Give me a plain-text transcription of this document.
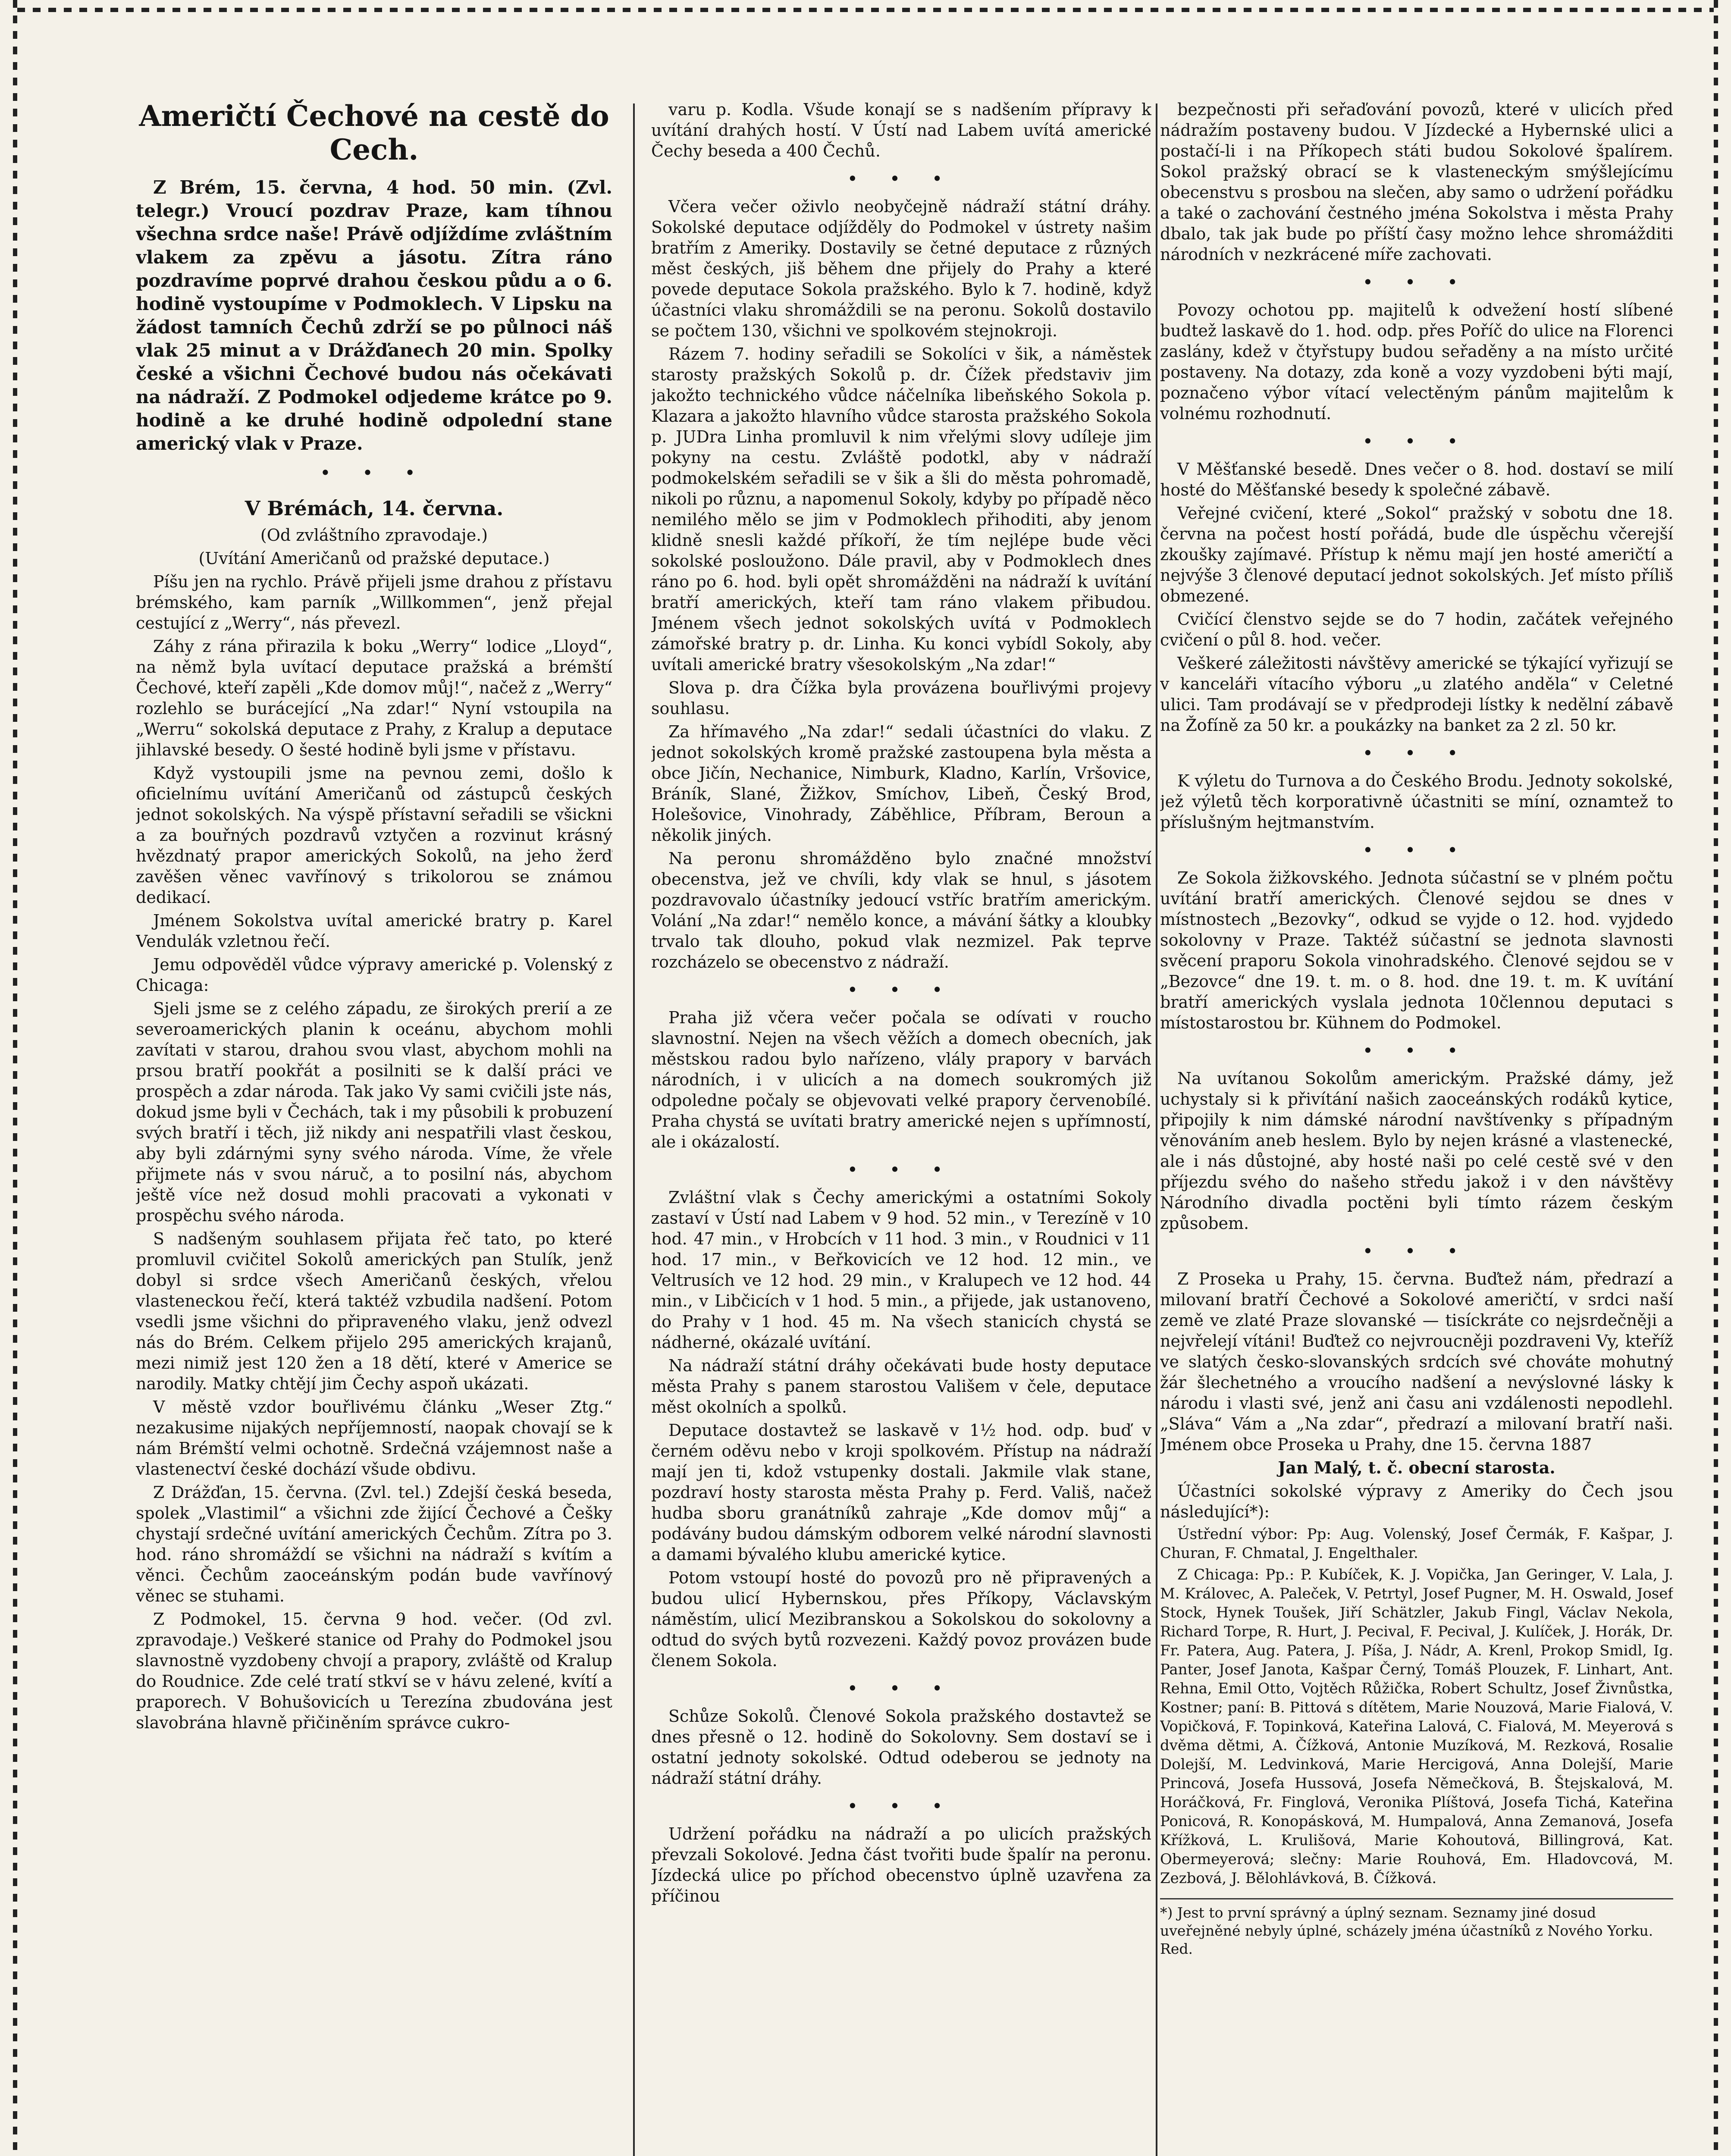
Američtí Čechové na cestě do Cech.

Z Brém, 15. června, 4 hod. 50 min. (Zvl. telegr.) Vroucí pozdrav Praze, kam tíhnou všechna srdce naše! Právě odjíždíme zvláštním vlakem za zpěvu a jásotu. Zítra ráno pozdravíme poprvé drahou českou půdu a o 6. hodině vystoupíme v Podmoklech. V Lipsku na žádost tamních Čechů zdrží se po půlnoci náš vlak 25 minut a v Drážďanech 20 min. Spolky české a všichni Čechové budou nás očekávati na nádraží. Z Podmokel odjedeme krátce po 9. hodině a ke druhé hodině odpolední stane americký vlak v Praze.

• • •
V Brémách, 14. června.

(Od zvláštního zpravodaje.)

(Uvítání Američanů od pražské deputace.)

Píšu jen na rychlo. Právě přijeli jsme drahou z přístavu brémského, kam parník „Willkommen“, jenž přejal cestující z „Werry“, nás převezl.

Záhy z rána přirazila k boku „Werry“ lodice „Lloyd“, na němž byla uvítací deputace pražská a brémští Čechové, kteří zapěli „Kde domov můj!“, načež z „Werry“ rozlehlo se burácející „Na zdar!“ Nyní vstoupila na „Werru“ sokolská deputace z Prahy, z Kralup a deputace jihlavské besedy. O šesté hodině byli jsme v přístavu.

Když vystoupili jsme na pevnou zemi, došlo k oficielnímu uvítání Američanů od zástupců českých jednot sokolských. Na výspě přístavní seřadili se všickni a za bouřných pozdravů vztyčen a rozvinut krásný hvězdnatý prapor amerických Sokolů, na jeho žerď zavěšen věnec vavřínový s trikolorou se známou dedikací.

Jménem Sokolstva uvítal americké bratry p. Karel Vendulák vzletnou řečí.

Jemu odpověděl vůdce výpravy americké p. Volenský z Chicaga:

Sjeli jsme se z celého západu, ze širokých prerií a ze severoamerických planin k oceánu, abychom mohli zavítati v starou, drahou svou vlast, abychom mohli na prsou bratří pookřát a posilniti se k další práci ve prospěch a zdar národa. Tak jako Vy sami cvičili jste nás, dokud jsme byli v Čechách, tak i my působili k probuzení svých bratří i těch, již nikdy ani nespatřili vlast českou, aby byli zdárnými syny svého národa. Víme, že vřele přijmete nás v svou náruč, a to posilní nás, abychom ještě více než dosud mohli pracovati a vykonati v prospěchu svého národa.

S nadšeným souhlasem přijata řeč tato, po které promluvil cvičitel Sokolů amerických pan Stulík, jenž dobyl si srdce všech Američanů českých, vřelou vlasteneckou řečí, která taktéž vzbudila nadšení. Potom vsedli jsme všichni do připraveného vlaku, jenž odvezl nás do Brém. Celkem přijelo 295 amerických krajanů, mezi nimiž jest 120 žen a 18 dětí, které v Americe se narodily. Matky chtějí jim Čechy aspoň ukázati.

V městě vzdor bouřlivému článku „Weser Ztg.“ nezakusime nijakých nepříjemností, naopak chovají se k nám Brémští velmi ochotně. Srdečná vzájemnost naše a vlastenectví české dochází všude obdivu.

Z Drážďan, 15. června. (Zvl. tel.) Zdejší česká beseda, spolek „Vlastimil“ a všichni zde žijící Čechové a Češky chystají srdečné uvítání amerických Čechům. Zítra po 3. hod. ráno shromáždí se všichni na nádraží s kvítím a věnci. Čechům zaoceánským podán bude vavřínový věnec se stuhami.

Z Podmokel, 15. června 9 hod. večer. (Od zvl. zpravodaje.) Veškeré stanice od Prahy do Podmokel jsou slavnostně vyzdobeny chvojí a prapory, zvláště od Kralup do Roudnice. Zde celé tratí stkví se v hávu zelené, kvítí a praporech. V Bohušovicích u Terezína zbudována jest slavobrána hlavně přičiněním správce cukro-

varu p. Kodla. Všude konají se s nadšením přípravy k uvítání drahých hostí. V Ústí nad Labem uvítá americké Čechy beseda a 400 Čechů.

• • •

Včera večer oživlo neobyčejně nádraží státní dráhy. Sokolské deputace odjížděly do Podmokel v ústrety našim bratřím z Ameriky. Dostavily se četné deputace z různých měst českých, jiš během dne přijely do Prahy a které povede deputace Sokola pražského. Bylo k 7. hodině, když účastníci vlaku shromáždili se na peronu. Sokolů dostavilo se počtem 130, všichni ve spolkovém stejnokroji.

Rázem 7. hodiny seřadili se Sokolíci v šik, a náměstek starosty pražských Sokolů p. dr. Čížek představiv jim jakožto technického vůdce náčelníka libeňského Sokola p. Klazara a jakožto hlavního vůdce starosta pražského Sokola p. JUDra Linha promluvil k nim vřelými slovy udíleje jim pokyny na cestu. Zvláště podotkl, aby v nádraží podmokelském seřadili se v šik a šli do města pohromadě, nikoli po různu, a napomenul Sokoly, kdyby po případě něco nemilého mělo se jim v Podmoklech přihoditi, aby jenom klidně snesli každé příkoří, že tím nejlépe bude věci sokolské posloužono. Dále pravil, aby v Podmoklech dnes ráno po 6. hod. byli opět shromážděni na nádraží k uvítání bratří amerických, kteří tam ráno vlakem přibudou. Jménem všech jednot sokolských uvítá v Podmoklech zámořské bratry p. dr. Linha. Ku konci vybídl Sokoly, aby uvítali americké bratry všesokolským „Na zdar!“

Slova p. dra Čížka byla provázena bouřlivými projevy souhlasu.

Za hřímavého „Na zdar!“ sedali účastníci do vlaku. Z jednot sokolských kromě pražské zastoupena byla města a obce Jičín, Nechanice, Nimburk, Kladno, Karlín, Vršovice, Bráník, Slané, Žižkov, Smíchov, Libeň, Český Brod, Holešovice, Vinohrady, Záběhlice, Příbram, Beroun a několik jiných.

Na peronu shromážděno bylo značné množství obecenstva, jež ve chvíli, kdy vlak se hnul, s jásotem pozdravovalo účastníky jedoucí vstříc bratřím americkým. Volání „Na zdar!“ nemělo konce, a mávání šátky a kloubky trvalo tak dlouho, pokud vlak nezmizel. Pak teprve rozcházelo se obecenstvo z nádraží.

• • •

Praha již včera večer počala se odívati v roucho slavnostní. Nejen na všech věžích a domech obecních, jak městskou radou bylo nařízeno, vlály prapory v barvách národních, i v ulicích a na domech soukromých již odpoledne počaly se objevovati velké prapory červenobílé. Praha chystá se uvítati bratry americké nejen s upřímností, ale i okázalostí.

• • •

Zvláštní vlak s Čechy americkými a ostatními Sokoly zastaví v Ústí nad Labem v 9 hod. 52 min., v Terezíně v 10 hod. 47 min., v Hrobcích v 11 hod. 3 min., v Roudnici v 11 hod. 17 min., v Beřkovicích ve 12 hod. 12 min., ve Veltrusích ve 12 hod. 29 min., v Kralupech ve 12 hod. 44 min., v Libčicích v 1 hod. 5 min., a přijede, jak ustanoveno, do Prahy v 1 hod. 45 m. Na všech stanicích chystá se nádherné, okázalé uvítání.

Na nádraží státní dráhy očekávati bude hosty deputace města Prahy s panem starostou Vališem v čele, deputace měst okolních a spolků.

Deputace dostavtež se laskavě v 1½ hod. odp. buď v černém oděvu nebo v kroji spolkovém. Přístup na nádraží mají jen ti, kdož vstupenky dostali. Jakmile vlak stane, pozdraví hosty starosta města Prahy p. Ferd. Vališ, načež hudba sboru granátníků zahraje „Kde domov můj“ a podávány budou dámským odborem velké národní slavnosti a damami bývalého klubu americké kytice.

Potom vstoupí hosté do povozů pro ně připravených a budou ulicí Hybernskou, přes Příkopy, Václavským náměstím, ulicí Mezibranskou a Sokolskou do sokolovny a odtud do svých bytů rozvezeni. Každý povoz provázen bude členem Sokola.

• • •

Schůze Sokolů. Členové Sokola pražského dostavtež se dnes přesně o 12. hodině do Sokolovny. Sem dostaví se i ostatní jednoty sokolské. Odtud odeberou se jednoty na nádraží státní dráhy.

• • •

Udržení pořádku na nádraží a po ulicích pražských převzali Sokolové. Jedna část tvořiti bude špalír na peronu. Jízdecká ulice po příchod obecenstvo úplně uzavřena za příčinou

bezpečnosti při seřaďování povozů, které v ulicích před nádražím postaveny budou. V Jízdecké a Hybernské ulici a postačí-li i na Příkopech státi budou Sokolové špalírem. Sokol pražský obrací se k vlasteneckým smýšlejícímu obecenstvu s prosbou na slečen, aby samo o udržení pořádku a také o zachování čestného jména Sokolstva i města Prahy dbalo, tak jak bude po příští časy možno lehce shromážditi národních v nezkrácené míře zachovati.

• • •

Povozy ochotou pp. majitelů k odvežení hostí slíbené budtež laskavě do 1. hod. odp. přes Poříč do ulice na Florenci zaslány, kdež v čtyřstupy budou seřaděny a na místo určité postaveny. Na dotazy, zda koně a vozy vyzdobeni býti mají, poznačeno výbor vítací velectěným pánům majitelům k volnému rozhodnutí.

• • •

V Měšťanské besedě. Dnes večer o 8. hod. dostaví se milí hosté do Měšťanské besedy k společné zábavě.

Veřejné cvičení, které „Sokol“ pražský v sobotu dne 18. června na počest hostí pořádá, bude dle úspěchu včerejší zkoušky zajímavé. Přístup k němu mají jen hosté američtí a nejvýše 3 členové deputací jednot sokolských. Jeť místo příliš obmezené.

Cvičící členstvo sejde se do 7 hodin, začátek veřejného cvičení o půl 8. hod. večer.

Veškeré záležitosti návštěvy americké se týkající vyřizují se v kanceláři vítacího výboru „u zlatého anděla“ v Celetné ulici. Tam prodávají se v předprodeji lístky k nedělní zábavě na Žofíně za 50 kr. a poukázky na banket za 2 zl. 50 kr.

• • •

K výletu do Turnova a do Českého Brodu. Jednoty sokolské, jež výletů těch korporativně účastniti se míní, oznamtež to příslušným hejtmanstvím.

• • •

Ze Sokola žižkovského. Jednota súčastní se v plném počtu uvítání bratří amerických. Členové sejdou se dnes v místnostech „Bezovky“, odkud se vyjde o 12. hod. vyjdedo sokolovny v Praze. Taktéž súčastní se jednota slavnosti svěcení praporu Sokola vinohradského. Členové sejdou se v „Bezovce“ dne 19. t. m. o 8. hod. dne 19. t. m. K uvítání bratří amerických vyslala jednota 10člennou deputaci s místostarostou br. Kühnem do Podmokel.

• • •

Na uvítanou Sokolům americkým. Pražské dámy, jež uchystaly si k přivítání našich zaoceánských rodáků kytice, připojily k nim dámské národní navštívenky s případným věnováním aneb heslem. Bylo by nejen krásné a vlastenecké, ale i nás důstojné, aby hosté naši po celé cestě své v den příjezdu svého do našeho středu jakož i v den návštěvy Národního divadla poctěni byli tímto rázem českým způsobem.

• • •

Z Proseka u Prahy, 15. června. Buďtež nám, předrazí a milovaní bratří Čechové a Sokolové američtí, v srdci naší země ve zlaté Praze slovanské — tisíckráte co nejsrdečněji a nejvřelejí vítáni! Buďtež co nejvroucněji pozdraveni Vy, kteříž ve slatých česko-slovanských srdcích své chováte mohutný žár šlechetného a vroucího nadšení a nevýslovné lásky k národu i vlasti své, jenž ani času ani vzdálenosti nepodlehl. „Sláva“ Vám a „Na zdar“, předrazí a milovaní bratří naši. Jménem obce Proseka u Prahy, dne 15. června 1887

Jan Malý, t. č. obecní starosta.

Účastníci sokolské výpravy z Ameriky do Čech jsou následující*):

Ústřední výbor: Pp: Aug. Volenský, Josef Čermák, F. Kašpar, J. Churan, F. Chmatal, J. Engelthaler.

Z Chicaga: Pp.: P. Kubíček, K. J. Vopička, Jan Geringer, V. Lala, J. M. Královec, A. Paleček, V. Petrtyl, Josef Pugner, M. H. Oswald, Josef Stock, Hynek Toušek, Jiří Schätzler, Jakub Fingl, Václav Nekola, Richard Torpe, R. Hurt, J. Pecival, F. Pecival, J. Kulíček, J. Horák, Dr. Fr. Patera, Aug. Patera, J. Píša, J. Nádr, A. Krenl, Prokop Smidl, Ig. Panter, Josef Janota, Kašpar Černý, Tomáš Plouzek, F. Linhart, Ant. Rehna, Emil Otto, Vojtěch Růžička, Robert Schultz, Josef Živnůstka, Kostner; paní: B. Pittová s dítětem, Marie Nouzová, Marie Fialová, V. Vopičková, F. Topinková, Kateřina Lalová, C. Fialová, M. Meyerová s dvěma dětmi, A. Čížková, Antonie Muzíková, M. Rezková, Rosalie Dolejší, M. Ledvinková, Marie Hercigová, Anna Dolejší, Marie Princová, Josefa Hussová, Josefa Němečková, B. Štejskalová, M. Horáčková, Fr. Finglová, Veronika Plíštová, Josefa Tichá, Kateřina Ponicová, R. Konopásková, M. Humpalová, Anna Zemanová, Josefa Křížková, L. Krulišová, Marie Kohoutová, Billingrová, Kat. Obermeyerová; slečny: Marie Rouhová, Em. Hladovcová, M. Zezbová, J. Bělohlávková, B. Čížková.

*) Jest to první správný a úplný seznam. Seznamy jiné dosud uveřejněné nebyly úplné, scházely jména účastníků z Nového Yorku. Red.
